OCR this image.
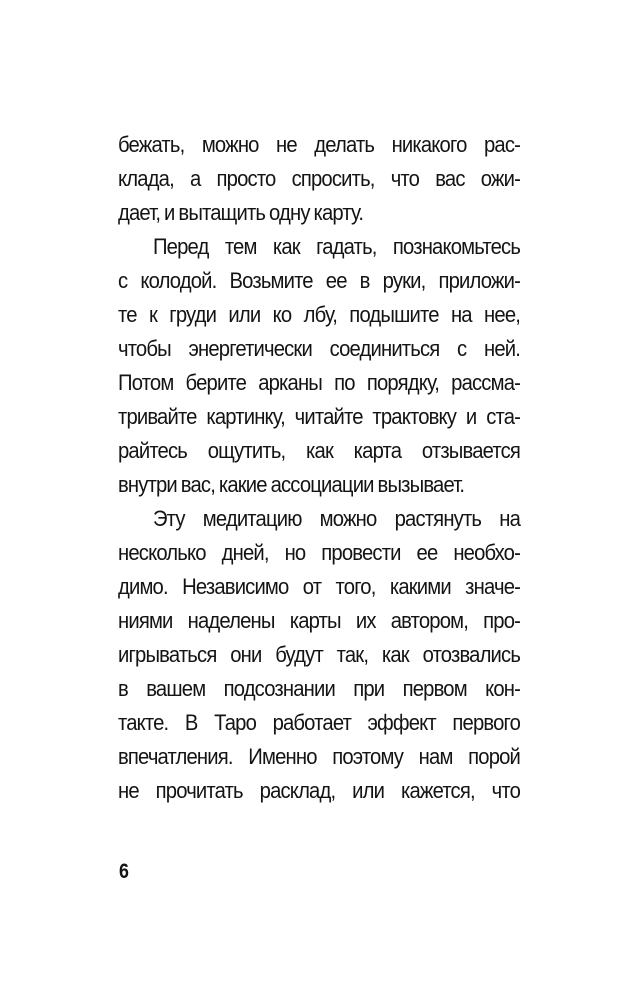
бежать, можно не делать никакого рас-
клада, а просто спросить, что вас ожи-
дает, и вытащить одну карту.
Перед тем как гадать, познакомьтесь
с колодой. Возьмите ее в руки, приложи-
те к груди или ко лбу, подышите на нее,
чтобы энергетически соединиться с ней.
Потом берите арканы по порядку, рассма-
тривайте картинку, читайте трактовку и ста-
райтесь ощутить, как карта отзывается
внутри вас, какие ассоциации вызывает.
Эту медитацию можно растянуть на
несколько дней, но провести ее необхо-
димо. Независимо от того, какими значе-
ниями наделены карты их автором, про-
игрываться они будут так, как отозвались
в вашем подсознании при первом кон-
такте. В Таро работает эффект первого
впечатления. Именно поэтому нам порой
не прочитать расклад, или кажется, что
6
